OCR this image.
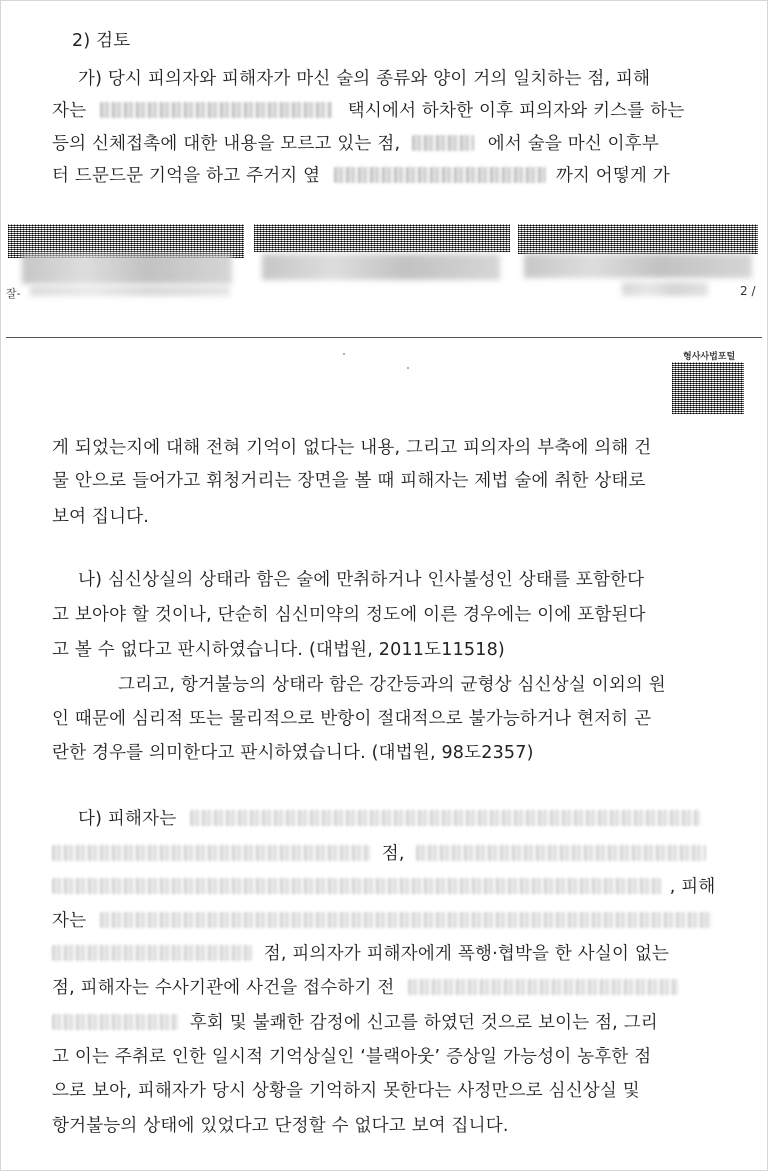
2) 검토
가) 당시 피의자와 피해자가 마신 술의 종류와 양이 거의 일치하는 점, 피해
자는	택시에서 하차한 이후 피의자와 키스를 하는
등의 신체접촉에 대한 내용을 모르고 있는 점,	에서 술을 마신 이후부
터 드문드문 기억을 하고 주거지 옆	까지 어떻게 가
잘-	2 /
형사사법포털
게 되었는지에 대해 전혀 기억이 없다는 내용, 그리고 피의자의 부축에 의해 건
물 안으로 들어가고 휘청거리는 장면을 볼 때 피해자는 제법 술에 취한 상태로
보여 집니다.
나) 심신상실의 상태라 함은 술에 만취하거나 인사불성인 상태를 포함한다
고 보아야 할 것이나, 단순히 심신미약의 정도에 이른 경우에는 이에 포함된다
고 볼 수 없다고 판시하였습니다. (대법원, 2011도11518)
그리고, 항거불능의 상태라 함은 강간등과의 균형상 심신상실 이외의 원
인 때문에 심리적 또는 물리적으로 반항이 절대적으로 불가능하거나 현저히 곤
란한 경우를 의미한다고 판시하였습니다. (대법원, 98도2357)
다) 피해자는
점,
, 피해
자는
점, 피의자가 피해자에게 폭행·협박을 한 사실이 없는
점, 피해자는 수사기관에 사건을 접수하기 전
후회 및 불쾌한 감정에 신고를 하였던 것으로 보이는 점, 그리
고 이는 주취로 인한 일시적 기억상실인 ‘블랙아웃’ 증상일 가능성이 농후한 점
으로 보아, 피해자가 당시 상황을 기억하지 못한다는 사정만으로 심신상실 및
항거불능의 상태에 있었다고 단정할 수 없다고 보여 집니다.
